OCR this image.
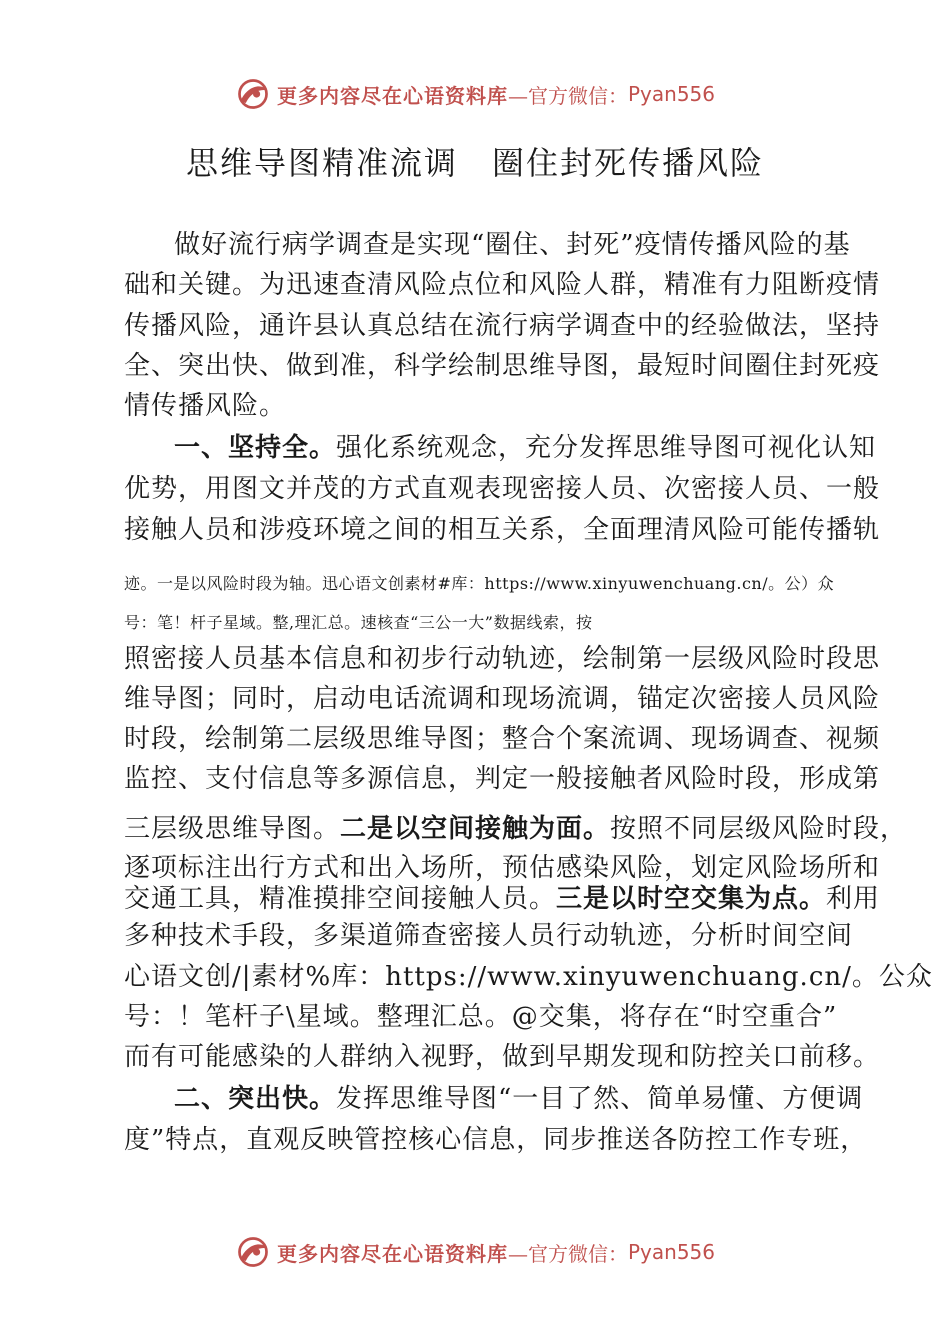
更多内容尽在心语资料库 —官方微信： Pyan556
思维导图精准流调　圈住封死传播风险
做好流行病学调查是实现“圈住、封死”疫情传播风险的基
础和关键。为迅速查清风险点位和风险人群，精准有力阻断疫情
传播风险，通许县认真总结在流行病学调查中的经验做法，坚持
全、突出快、做到准，科学绘制思维导图，最短时间圈住封死疫
情传播风险。
一、坚持全。强化系统观念，充分发挥思维导图可视化认知
优势，用图文并茂的方式直观表现密接人员、次密接人员、一般
接触人员和涉疫环境之间的相互关系，全面理清风险可能传播轨
迹。一是以风险时段为轴。迅心语文创素材#库：https://www.xinyuwenchuang.cn/。公）众
号：笔！杆子星域。整,理汇总。速核查“三公一大”数据线索，按
照密接人员基本信息和初步行动轨迹，绘制第一层级风险时段思
维导图；同时，启动电话流调和现场流调，锚定次密接人员风险
时段，绘制第二层级思维导图；整合个案流调、现场调查、视频
监控、支付信息等多源信息，判定一般接触者风险时段，形成第
三层级思维导图。二是以空间接触为面。按照不同层级风险时段，
逐项标注出行方式和出入场所，预估感染风险，划定风险场所和
交通工具，精准摸排空间接触人员。三是以时空交集为点。利用
多种技术手段，多渠道筛查密接人员行动轨迹，分析时间空间
心语文创/|素材%库：https://www.xinyuwenchuang.cn/。公众
号：！笔杆子\星域。整理汇总。@交集，将存在“时空重合”
而有可能感染的人群纳入视野，做到早期发现和防控关口前移。
二、突出快。发挥思维导图“一目了然、简单易懂、方便调
度”特点，直观反映管控核心信息，同步推送各防控工作专班，
更多内容尽在心语资料库 —官方微信： Pyan556
